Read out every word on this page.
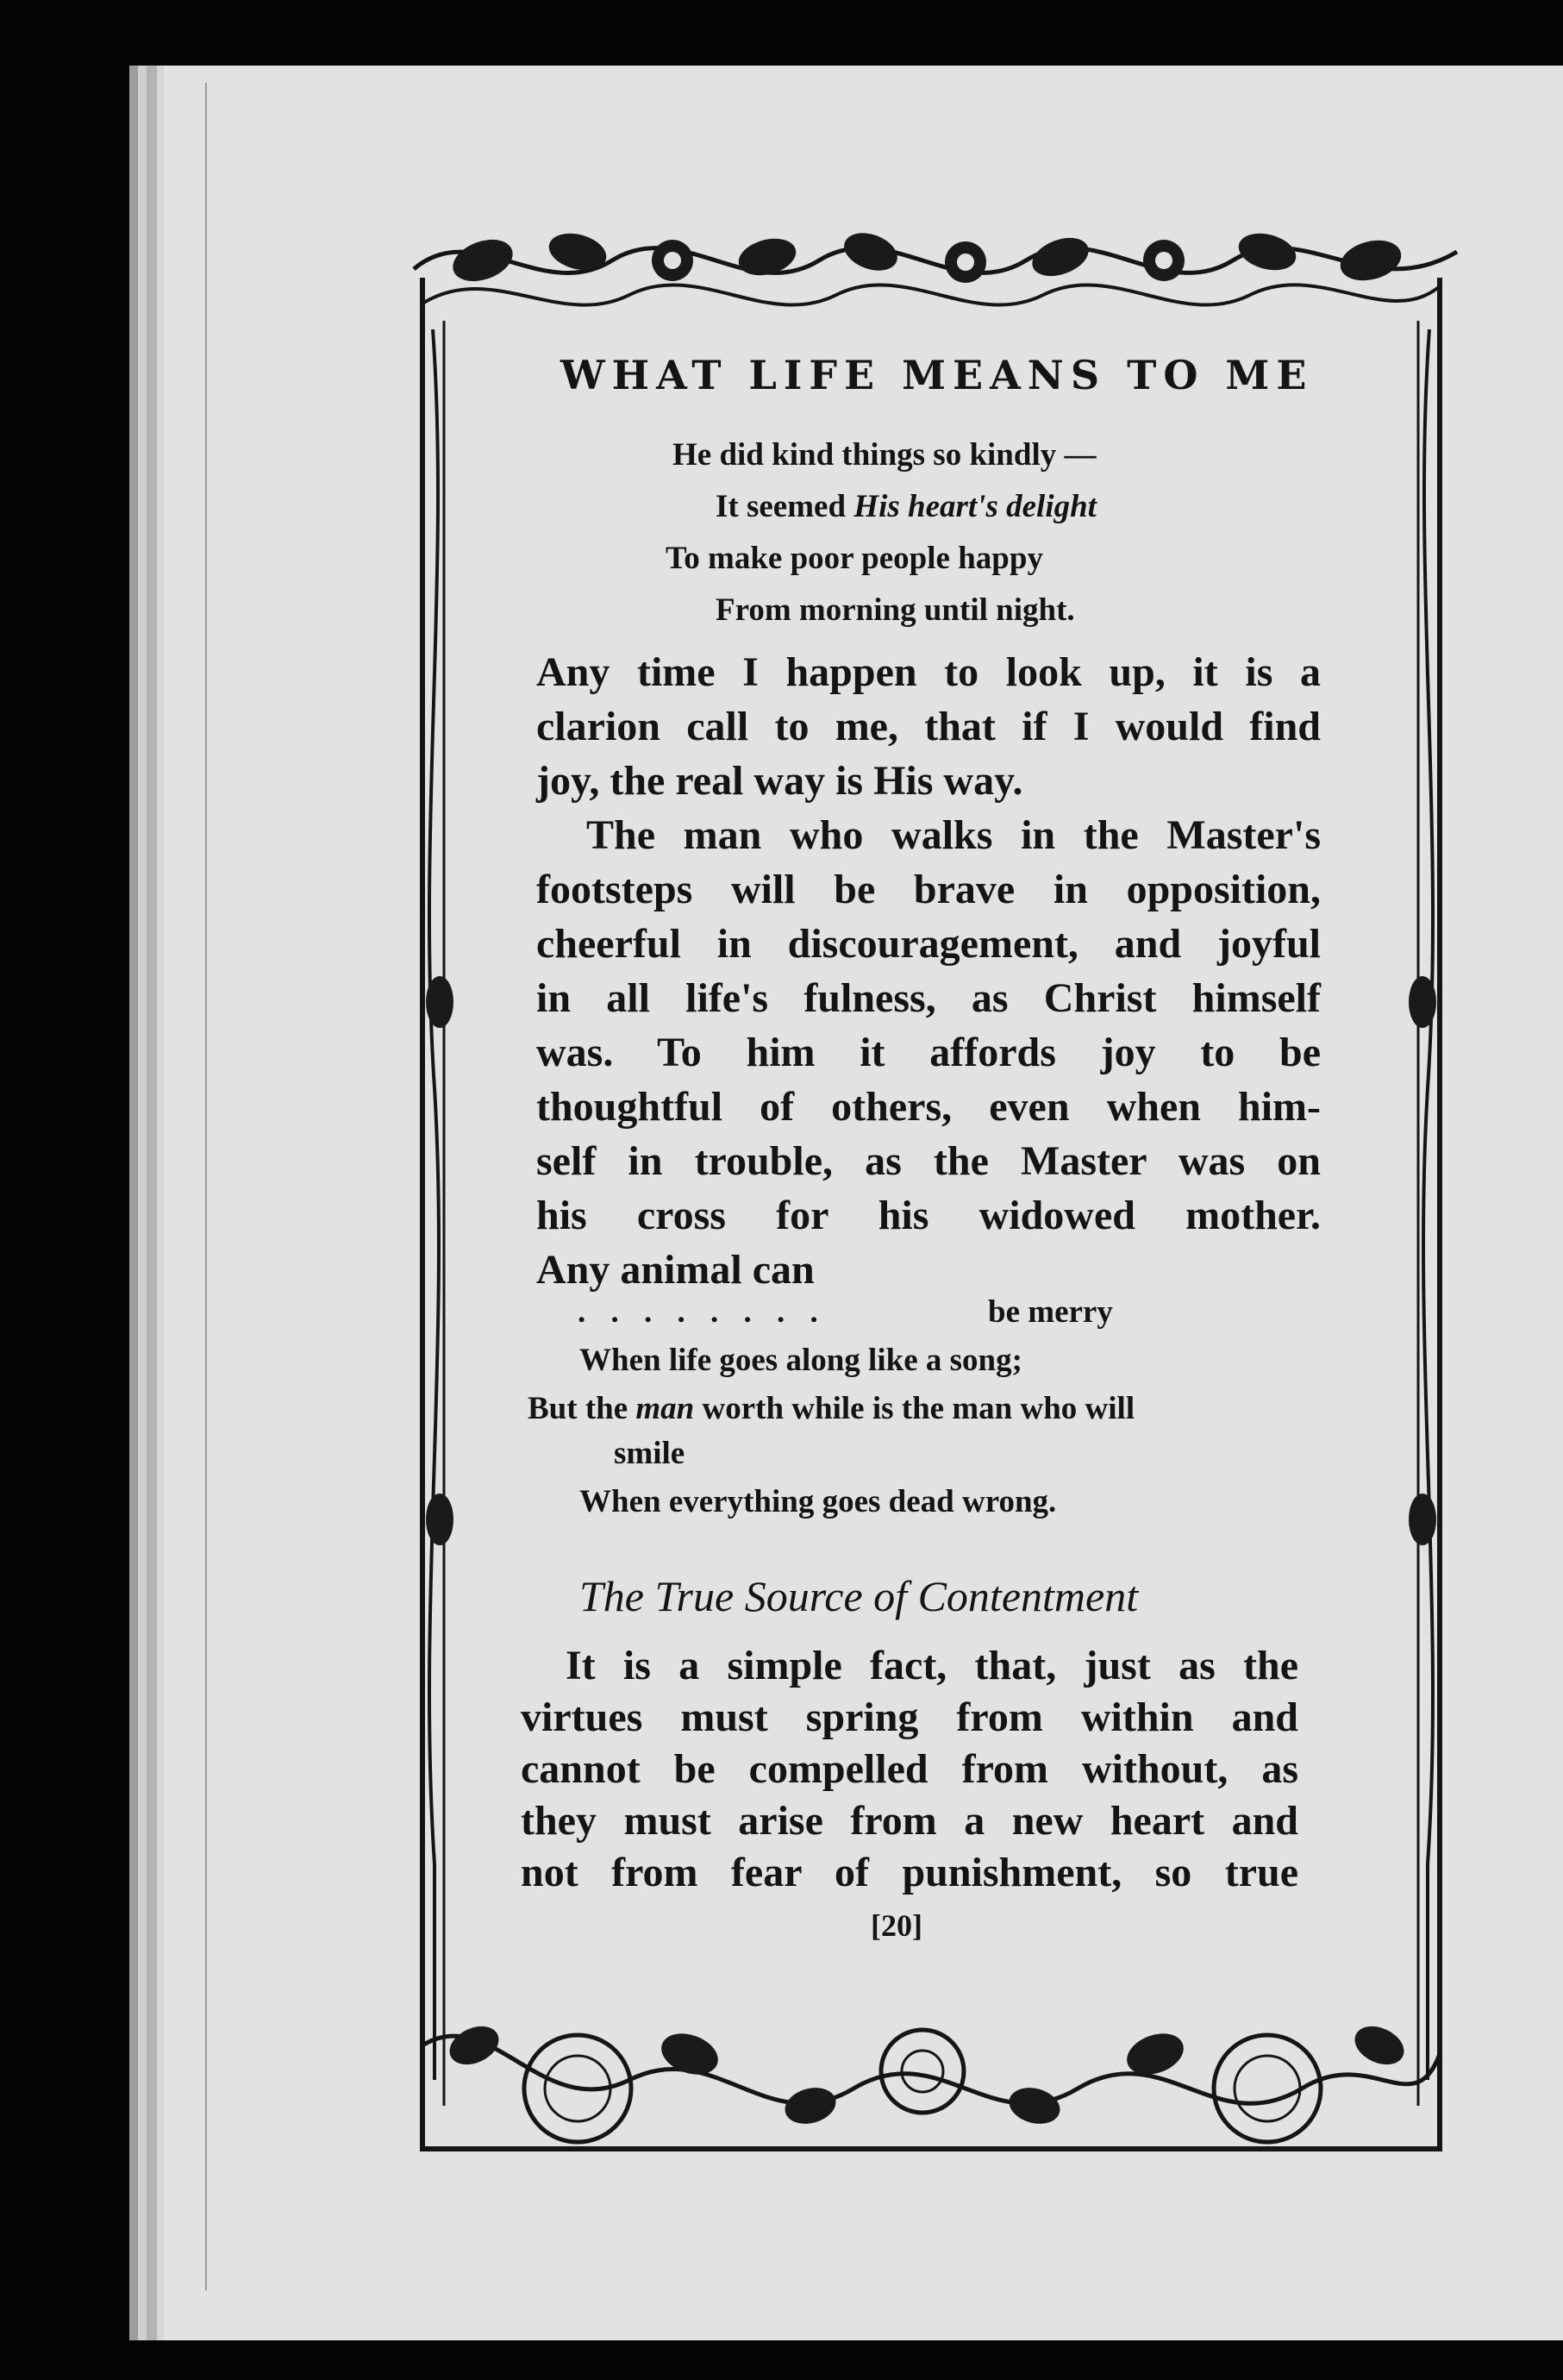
WHAT LIFE MEANS TO ME

He did kind things so kindly —

It seemed His heart's delight

To make poor people happy

From morning until night.

Any time I happen to look up, it is a

clarion call to me, that if I would find

joy, the real way is His way.

The man who walks in the Master's

footsteps will be brave in opposition,

cheerful in discouragement, and joyful

in all life's fulness, as Christ himself

was. To him it affords joy to be

thoughtful of others, even when him-

self in trouble, as the Master was on

his cross for his widowed mother.

Any animal can

. . . . . . . .	be merry

When life goes along like a song;

But the man worth while is the man who will

smile

When everything goes dead wrong.

The True Source of Contentment

It is a simple fact, that, just as the

virtues must spring from within and

cannot be compelled from without, as

they must arise from a new heart and

not from fear of punishment, so true

[20]
